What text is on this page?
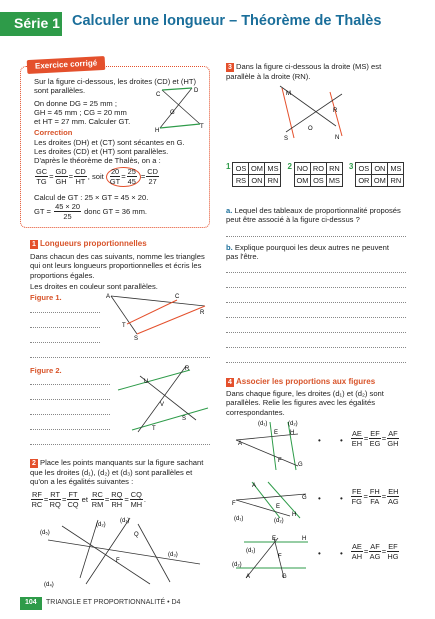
Série 1 Calculer une longueur – Théorème de Thalès
Exercice corrigé
Sur la figure ci-dessous, les droites (CD) et (HT)
sont parallèles.
On donne DG = 25 mm ;
GH = 45 mm ; CG = 20 mm
et HT = 27 mm. Calculer GT.
Correction
Les droites (DH) et (CT) sont sécantes en G.
Les droites (CD) et (HT) sont parallèles.
D'après le théorème de Thalès, on a :
C
D
G
H
T
$\frac{GC}{TG} = \frac{GD}{GH} = \frac{CD}{HT}$ , soit
$\frac{20}{GT} = \frac{25}{45} = \frac{CD}{27}$
Calcul de GT : 25 × GT = 45 × 20.
GT =
$\frac{45 \times 20}{25}$
donc GT = 36 mm.
1 Longueurs proportionnelles
Dans chacun des cas suivants, nomme les triangles
qui ont leurs longueurs proportionnelles et écris les
proportions égales.
Les droites en couleur sont parallèles.
Figure 1.	A	C
R
T
S
Figure 2.	R
U
V
S
T
2 Place les points manquants sur la figure sachant
que les droites (d₁), (d₂) et (d₃) sont parallèles et
qu'on a les égalités suivantes :
$\frac{RF}{RC} = \frac{RT}{RQ} = \frac{FT}{CQ}$
et
$\frac{RC}{RM} = \frac{RQ}{RH} = \frac{CQ}{MH}$ .
(d₂)
(d₁)
(d₅)
(d₃)
(d₄)
Q
F
3 Dans la figure ci-dessous la droite (MS) est
parallèle à la droite (RN).
M
R
O
S	N
1 OS	OM	MS
RS	ON	RN
2 NO	RO	RN
OM	OS	MS
3 OS	ON	MS
OR	OM	RN
a. Lequel des tableaux de proportionnalité proposés
peut être associé à la figure ci-dessus ?
b. Explique pourquoi les deux autres ne peuvent
pas l'être.
4 Associer les proportions aux figures
Dans chaque figure, les droites (d₁) et (d₂) sont
parallèles. Relie les figures avec les égalités
correspondantes.
(d₁)	(d₂)
E H
A
F
G
A
F	E
G
H
(d₁)	(d₂)
E	H
(d₁)
F
(d₂)
A	G
• •
• •
• •
$\frac{AE}{EH} = \frac{EF}{EG} = \frac{AF}{GH}$
$\frac{FE}{FG} = \frac{FH}{FA} = \frac{EH}{AG}$
$\frac{AE}{AH} = \frac{AF}{AG} = \frac{EF}{HG}$
104	TRIANGLE ET PROPORTIONNALITÉ • D4
